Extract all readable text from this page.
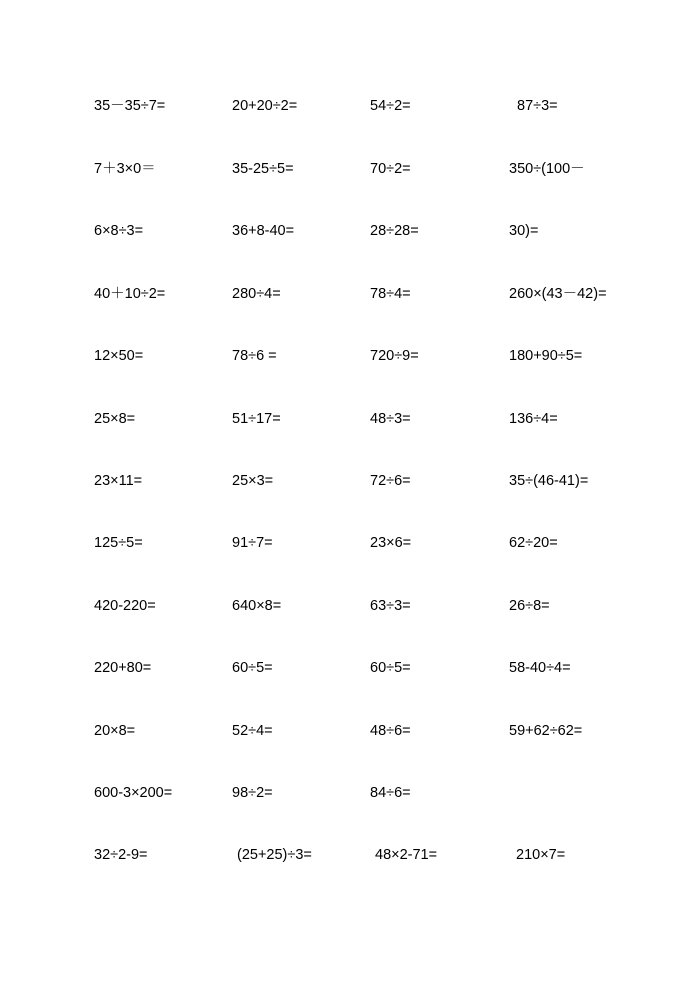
35－35÷7=	20+20÷2=	54÷2=	87÷3=
7＋3×0＝	35-25÷5=	70÷2=	350÷(100－
6×8÷3=	36+8-40=	28÷28=	30)=
40＋10÷2=	280÷4=	78÷4=	260×(43－42)=
12×50=	78÷6 =	720÷9=	180+90÷5=
25×8=	51÷17=	48÷3=	136÷4=
23×11=	25×3=	72÷6=	35÷(46-41)=
125÷5=	91÷7=	23×6=	62÷20=
420-220=	640×8=	63÷3=	26÷8=
220+80=	60÷5=	60÷5=	58-40÷4=
20×8=	52÷4=	48÷6=	59+62÷62=
600-3×200=	98÷2=	84÷6=
32÷2-9=	(25+25)÷3=	48×2-71=	210×7=
